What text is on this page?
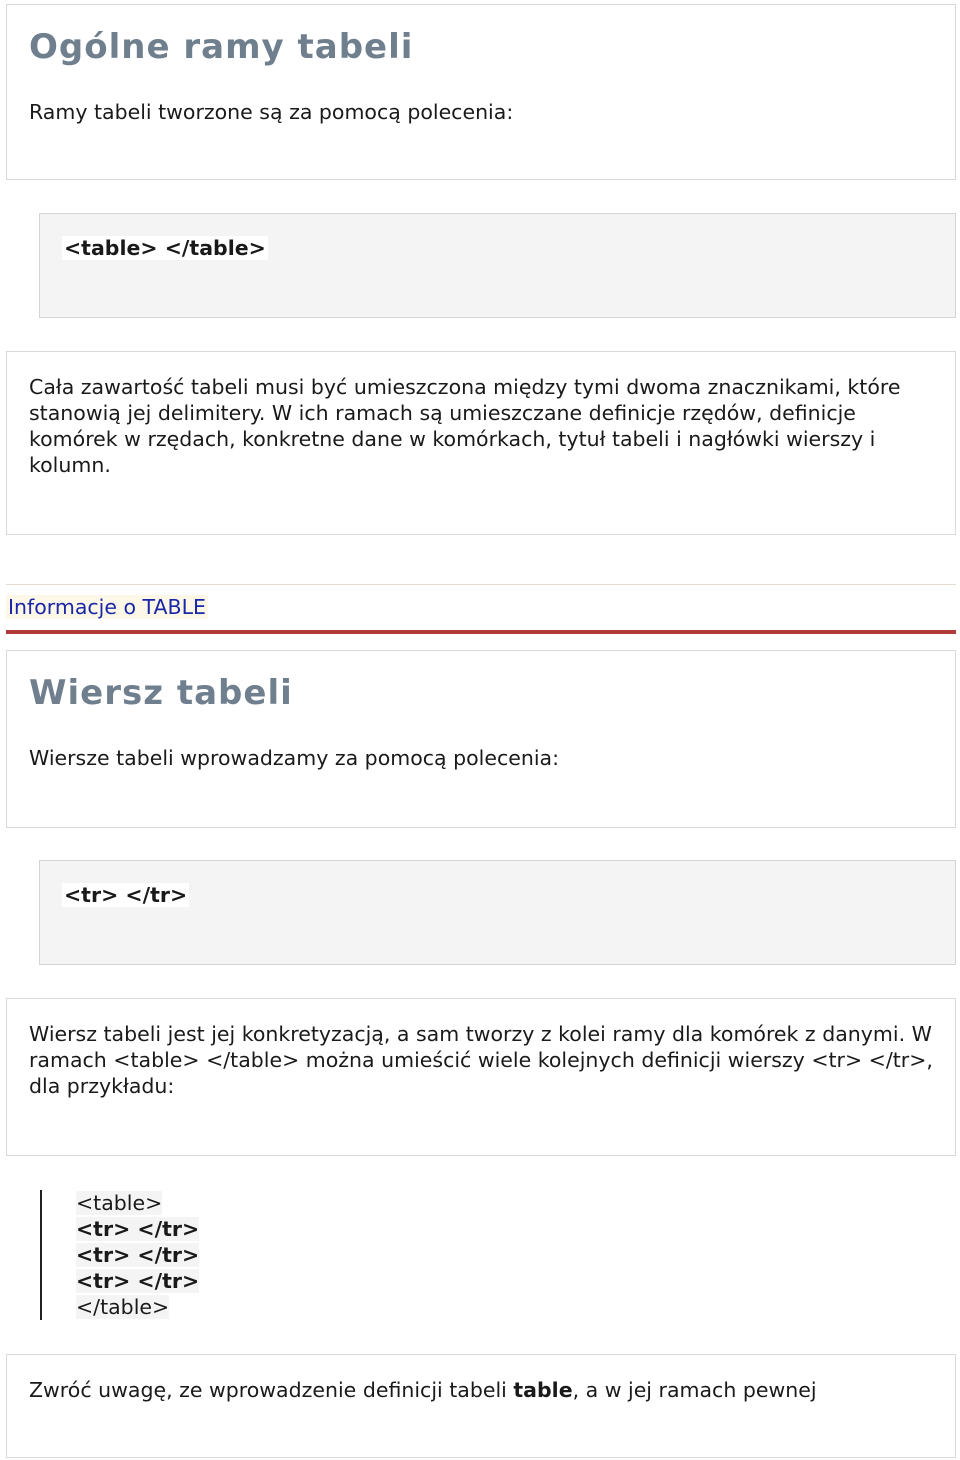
Ogólne ramy tabeli
Ramy tabeli tworzone są za pomocą polecenia:
<table> </table>
Cała zawartość tabeli musi być umieszczona między tymi dwoma znacznikami, które stanowią jej delimitery. W ich ramach są umieszczane definicje rzędów, definicje komórek w rzędach, konkretne dane w komórkach, tytuł tabeli i nagłówki wierszy i kolumn.
Informacje o TABLE
Wiersz tabeli
Wiersze tabeli wprowadzamy za pomocą polecenia:
<tr> </tr>
Wiersz tabeli jest jej konkretyzacją, a sam tworzy z kolei ramy dla komórek z danymi. W ramach <table> </table> można umieścić wiele kolejnych definicji wierszy <tr> </tr>, dla przykładu:
<table>
<tr> </tr>
<tr> </tr>
<tr> </tr>
</table>
Zwróć uwagę, ze wprowadzenie definicji tabeli table, a w jej ramach pewnej
